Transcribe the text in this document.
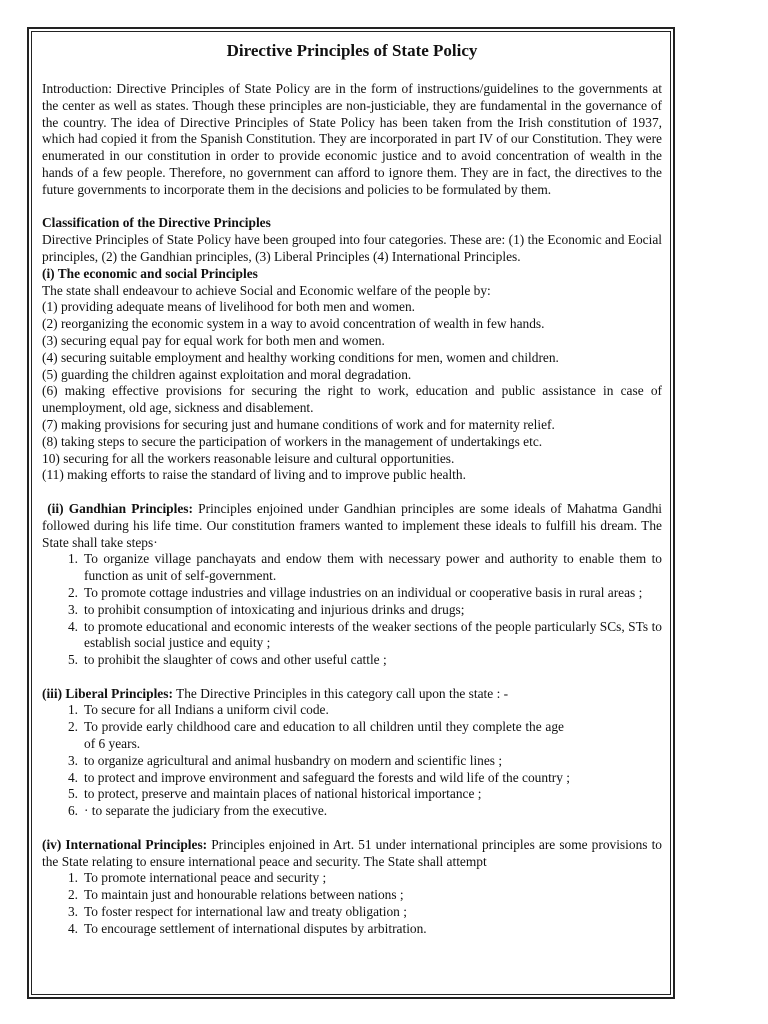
Directive Principles of State Policy

Introduction: Directive Principles of State Policy are in the form of instructions/guidelines to the governments at the center as well as states. Though these principles are non-justiciable, they are fundamental in the governance of the country. The idea of Directive Principles of State Policy has been taken from the Irish constitution of 1937, which had copied it from the Spanish Constitution. They are incorporated in part IV of our Constitution. They were enumerated in our constitution in order to provide economic justice and to avoid concentration of wealth in the hands of a few people. Therefore, no government can afford to ignore them. They are in fact, the directives to the future governments to incorporate them in the decisions and policies to be formulated by them.

Classification of the Directive Principles

Directive Principles of State Policy have been grouped into four categories. These are: (1) the Economic and Eocial principles, (2) the Gandhian principles, (3) Liberal Principles (4) International Principles.

(i) The economic and social Principles
The state shall endeavour to achieve Social and Economic welfare of the people by:

(1) providing adequate means of livelihood for both men and women.

(2) reorganizing the economic system in a way to avoid concentration of wealth in few hands.

(3) securing equal pay for equal work for both men and women.

(4) securing suitable employment and healthy working conditions for men, women and children.

(5) guarding the children against exploitation and moral degradation.

(6) making effective provisions for securing the right to work, education and public assistance in case of unemployment, old age, sickness and disablement.

(7) making provisions for securing just and humane conditions of work and for maternity relief.

(8) taking steps to secure the participation of workers in the management of undertakings etc.

10) securing for all the workers reasonable leisure and cultural opportunities.

(11) making efforts to raise the standard of living and to improve public health.

(ii) Gandhian Principles: Principles enjoined under Gandhian principles are some ideals of Mahatma Gandhi followed during his life time. Our constitution framers wanted to implement these ideals to fulfill his dream. The State shall take steps·

1. To organize village panchayats and endow them with necessary power and authority to enable them to function as unit of self-government.
2. To promote cottage industries and village industries on an individual or cooperative basis in rural areas ;
3. to prohibit consumption of intoxicating and injurious drinks and drugs;
4. to promote educational and economic interests of the weaker sections of the people particularly SCs, STs to establish social justice and equity ;
5. to prohibit the slaughter of cows and other useful cattle ;

(iii) Liberal Principles: The Directive Principles in this category call upon the state : -

1. To secure for all Indians a uniform civil code.
2. To provide early childhood care and education to all children until they complete the age of 6 years.
3. to organize agricultural and animal husbandry on modern and scientific lines ;
4. to protect and improve environment and safeguard the forests and wild life of the country ;
5. to protect, preserve and maintain places of national historical importance ;
6. · to separate the judiciary from the executive.

(iv) International Principles: Principles enjoined in Art. 51 under international principles are some provisions to the State relating to ensure international peace and security. The State shall attempt

1. To promote international peace and security ;
2. To maintain just and honourable relations between nations ;
3. To foster respect for international law and treaty obligation ;
4. To encourage settlement of international disputes by arbitration.
